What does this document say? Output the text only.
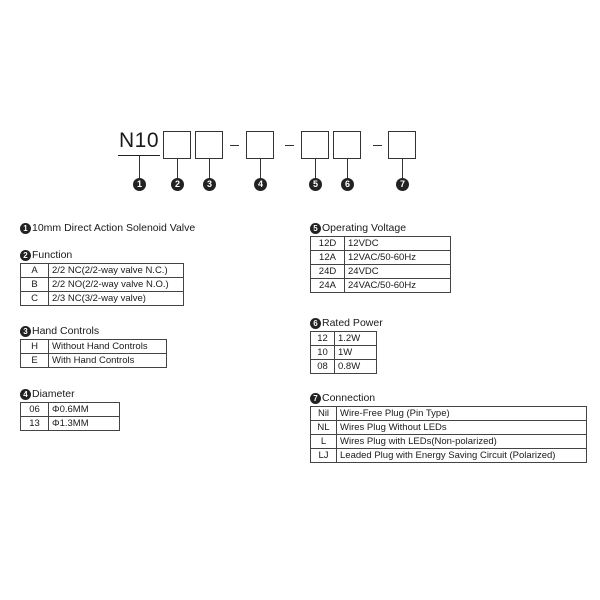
N10
1	2	3	4	5	6	7
1 10mm Direct Action Solenoid Valve
2 Function
A	2/2 NC(2/2-way valve N.C.)
B	2/2 NO(2/2-way valve N.O.)
C	2/3 NC(3/2-way valve)
3 Hand Controls
H	Without Hand Controls
E	With Hand Controls
4 Diameter
06	Φ0.6MM
13	Φ1.3MM
5 Operating Voltage
12D	12VDC
12A	12VAC/50-60Hz
24D	24VDC
24A	24VAC/50-60Hz
6 Rated Power
12	1.2W
10	1W
08	0.8W
7 Connection
Nil	Wire-Free Plug (Pin Type)
NL	Wires Plug Without LEDs
L	Wires Plug with LEDs(Non-polarized)
LJ	Leaded Plug with Energy Saving Circuit (Polarized)
